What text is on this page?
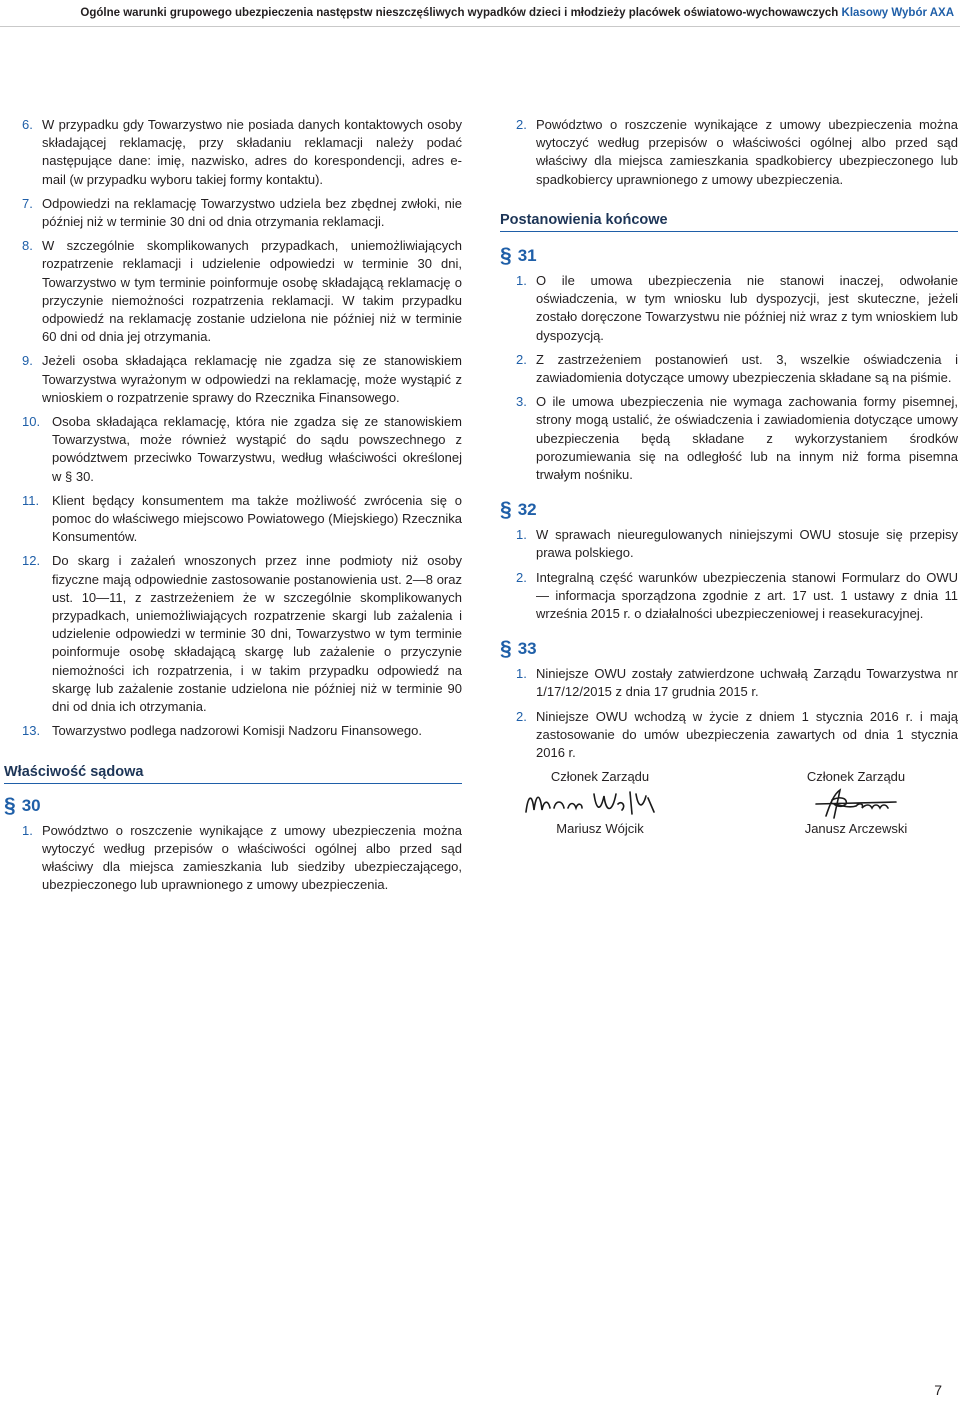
Ogólne warunki grupowego ubezpieczenia następstw nieszczęśliwych wypadków dzieci i młodzieży placówek oświatowo-wychowawczych Klasowy Wybór AXA
6. W przypadku gdy Towarzystwo nie posiada danych kontaktowych osoby składającej reklamację, przy składaniu reklamacji należy podać następujące dane: imię, nazwisko, adres do korespondencji, adres e-mail (w przypadku wyboru takiej formy kontaktu).
7. Odpowiedzi na reklamację Towarzystwo udziela bez zbędnej zwłoki, nie później niż w terminie 30 dni od dnia otrzymania reklamacji.
8. W szczególnie skomplikowanych przypadkach, uniemożliwiających rozpatrzenie reklamacji i udzielenie odpowiedzi w terminie 30 dni, Towarzystwo w tym terminie poinformuje osobę składającą reklamację o przyczynie niemożności rozpatrzenia reklamacji. W takim przypadku odpowiedź na reklamację zostanie udzielona nie później niż w terminie 60 dni od dnia jej otrzymania.
9. Jeżeli osoba składająca reklamację nie zgadza się ze stanowiskiem Towarzystwa wyrażonym w odpowiedzi na reklamację, może wystąpić z wnioskiem o rozpatrzenie sprawy do Rzecznika Finansowego.
10. Osoba składająca reklamację, która nie zgadza się ze stanowiskiem Towarzystwa, może również wystąpić do sądu powszechnego z powództwem przeciwko Towarzystwu, według właściwości określonej w § 30.
11. Klient będący konsumentem ma także możliwość zwrócenia się o pomoc do właściwego miejscowo Powiatowego (Miejskiego) Rzecznika Konsumentów.
12. Do skarg i zażaleń wnoszonych przez inne podmioty niż osoby fizyczne mają odpowiednie zastosowanie postanowienia ust. 2—8 oraz ust. 10—11, z zastrzeżeniem że w szczególnie skomplikowanych przypadkach, uniemożliwiających rozpatrzenie skargi lub zażalenia i udzielenie odpowiedzi w terminie 30 dni, Towarzystwo w tym terminie poinformuje osobę składającą skargę lub zażalenie o przyczynie niemożności ich rozpatrzenia, i w takim przypadku odpowiedź na skargę lub zażalenie zostanie udzielona nie później niż w terminie 90 dni od dnia ich otrzymania.
13. Towarzystwo podlega nadzorowi Komisji Nadzoru Finansowego.
Właściwość sądowa
§ 30
1. Powództwo o roszczenie wynikające z umowy ubezpieczenia można wytoczyć według przepisów o właściwości ogólnej albo przed sąd właściwy dla miejsca zamieszkania lub siedziby ubezpieczającego, ubezpieczonego lub uprawnionego z umowy ubezpieczenia.
2. Powództwo o roszczenie wynikające z umowy ubezpieczenia można wytoczyć według przepisów o właściwości ogólnej albo przed sąd właściwy dla miejsca zamieszkania spadkobiercy ubezpieczonego lub spadkobiercy uprawnionego z umowy ubezpieczenia.
Postanowienia końcowe
§ 31
1. O ile umowa ubezpieczenia nie stanowi inaczej, odwołanie oświadczenia, w tym wniosku lub dyspozycji, jest skuteczne, jeżeli zostało doręczone Towarzystwu nie później niż wraz z tym wnioskiem lub dyspozycją.
2. Z zastrzeżeniem postanowień ust. 3, wszelkie oświadczenia i zawiadomienia dotyczące umowy ubezpieczenia składane są na piśmie.
3. O ile umowa ubezpieczenia nie wymaga zachowania formy pisemnej, strony mogą ustalić, że oświadczenia i zawiadomienia dotyczące umowy ubezpieczenia będą składane z wykorzystaniem środków porozumiewania się na odległość lub na innym niż forma pisemna trwałym nośniku.
§ 32
1. W sprawach nieuregulowanych niniejszymi OWU stosuje się przepisy prawa polskiego.
2. Integralną część warunków ubezpieczenia stanowi Formularz do OWU — informacja sporządzona zgodnie z art. 17 ust. 1 ustawy z dnia 11 września 2015 r. o działalności ubezpieczeniowej i reasekuracyjnej.
§ 33
1. Niniejsze OWU zostały zatwierdzone uchwałą Zarządu Towarzystwa nr 1/17/12/2015 z dnia 17 grudnia 2015 r.
2. Niniejsze OWU wchodzą w życie z dniem 1 stycznia 2016 r. i mają zastosowanie do umów ubezpieczenia zawartych od dnia 1 stycznia 2016 r.
Członek Zarządu
Mariusz Wójcik
Członek Zarządu
Janusz Arczewski
7
